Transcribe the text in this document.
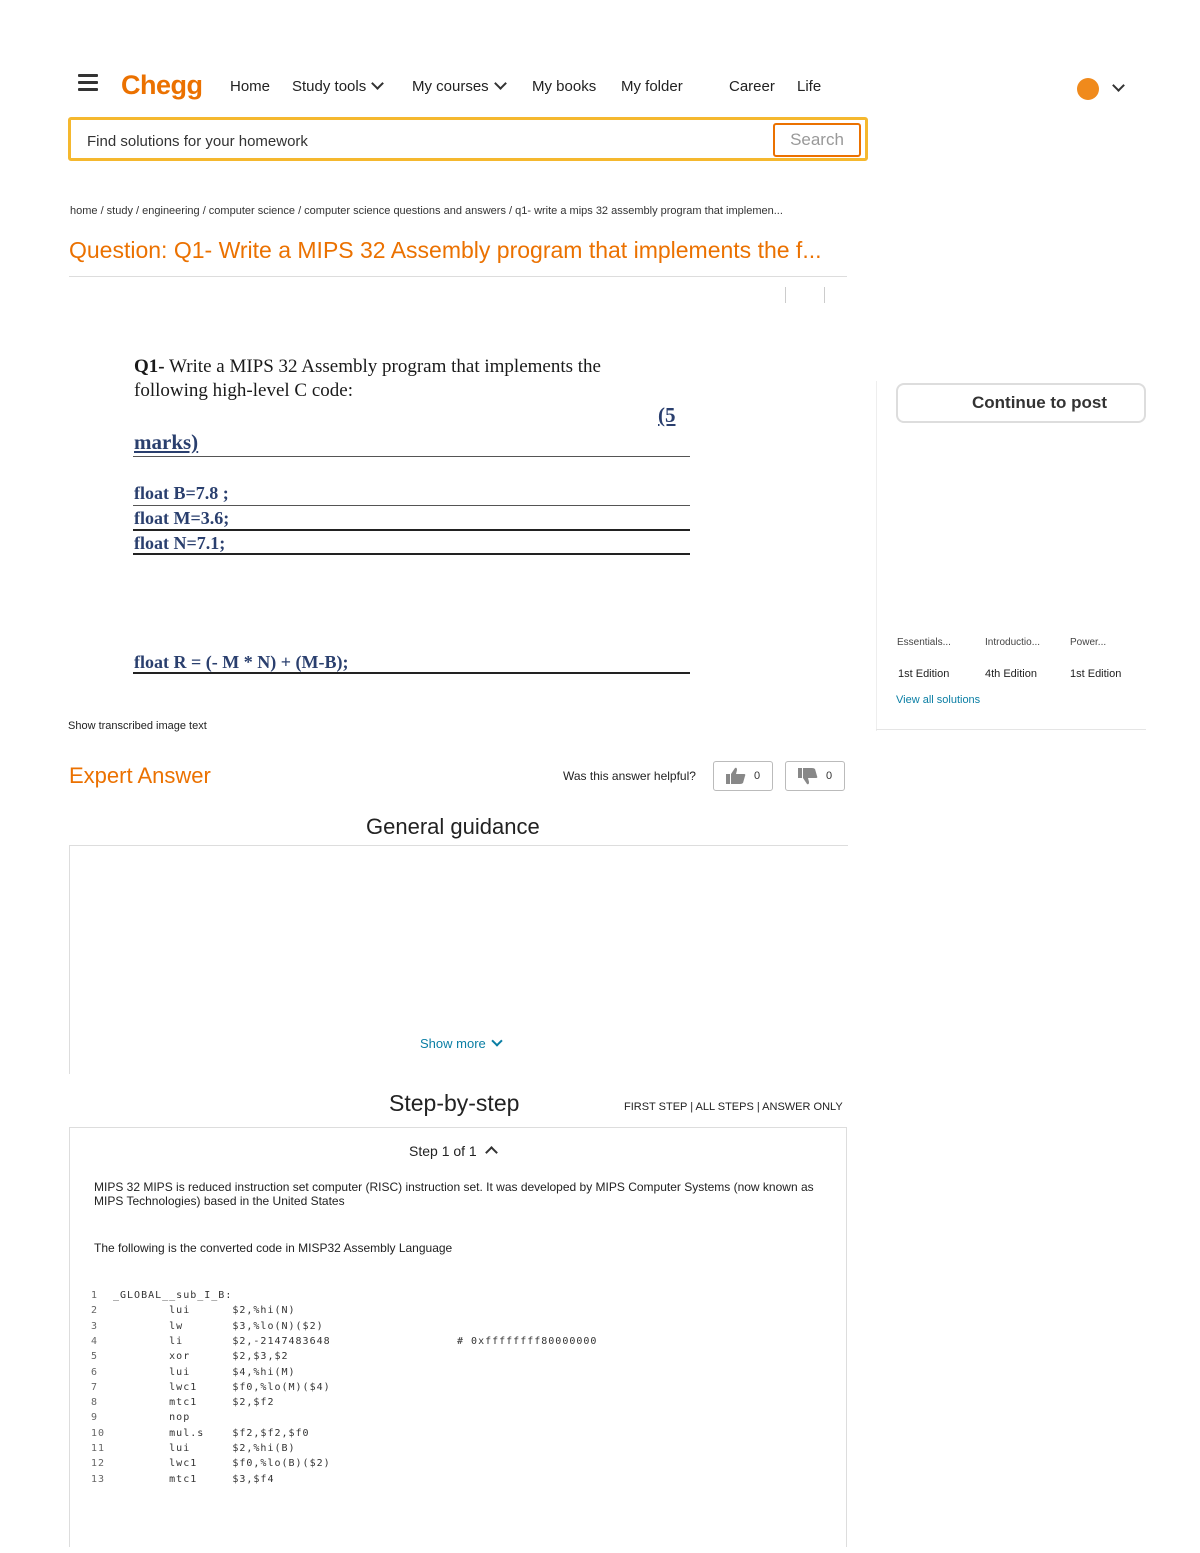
Chegg Home Study tools	My courses	My books My folder	Career Life
Find solutions for your homework	Search
home / study / engineering / computer science / computer science questions and answers / q1- write a mips 32 assembly program that implemen...
Question: Q1- Write a MIPS 32 Assembly program that implements the f...
Q1- Write a MIPS 32 Assembly program that implements the
following high-level C code:
(5
marks)
float B=7.8 ;
float M=3.6;
float N=7.1;
float R = (- M * N) + (M-B);
Continue to post
Essentials...	Introductio...	Power...
1st Edition	4th Edition	1st Edition
View all solutions
Show transcribed image text
Expert Answer	Was this answer helpful?	0	0
General guidance
Show more
Step-by-step	FIRST STEP | ALL STEPS | ANSWER ONLY
Step 1 of 1
MIPS 32 MIPS is reduced instruction set computer (RISC) instruction set. It was developed by MIPS Computer Systems (now known as MIPS Technologies) based in the United States
The following is the converted code in MISP32 Assembly Language
1 _GLOBAL__sub_I_B:
2        lui      $2,%hi(N)
3        lw       $3,%lo(N)($2)
4        li       $2,-2147483648                  # 0xffffffff80000000
5        xor      $2,$3,$2
6        lui      $4,%hi(M)
7        lwc1     $f0,%lo(M)($4)
8        mtc1     $2,$f2
9        nop
10        mul.s    $f2,$f2,$f0
11        lui      $2,%hi(B)
12        lwc1     $f0,%lo(B)($2)
13        mtc1     $3,$f4
